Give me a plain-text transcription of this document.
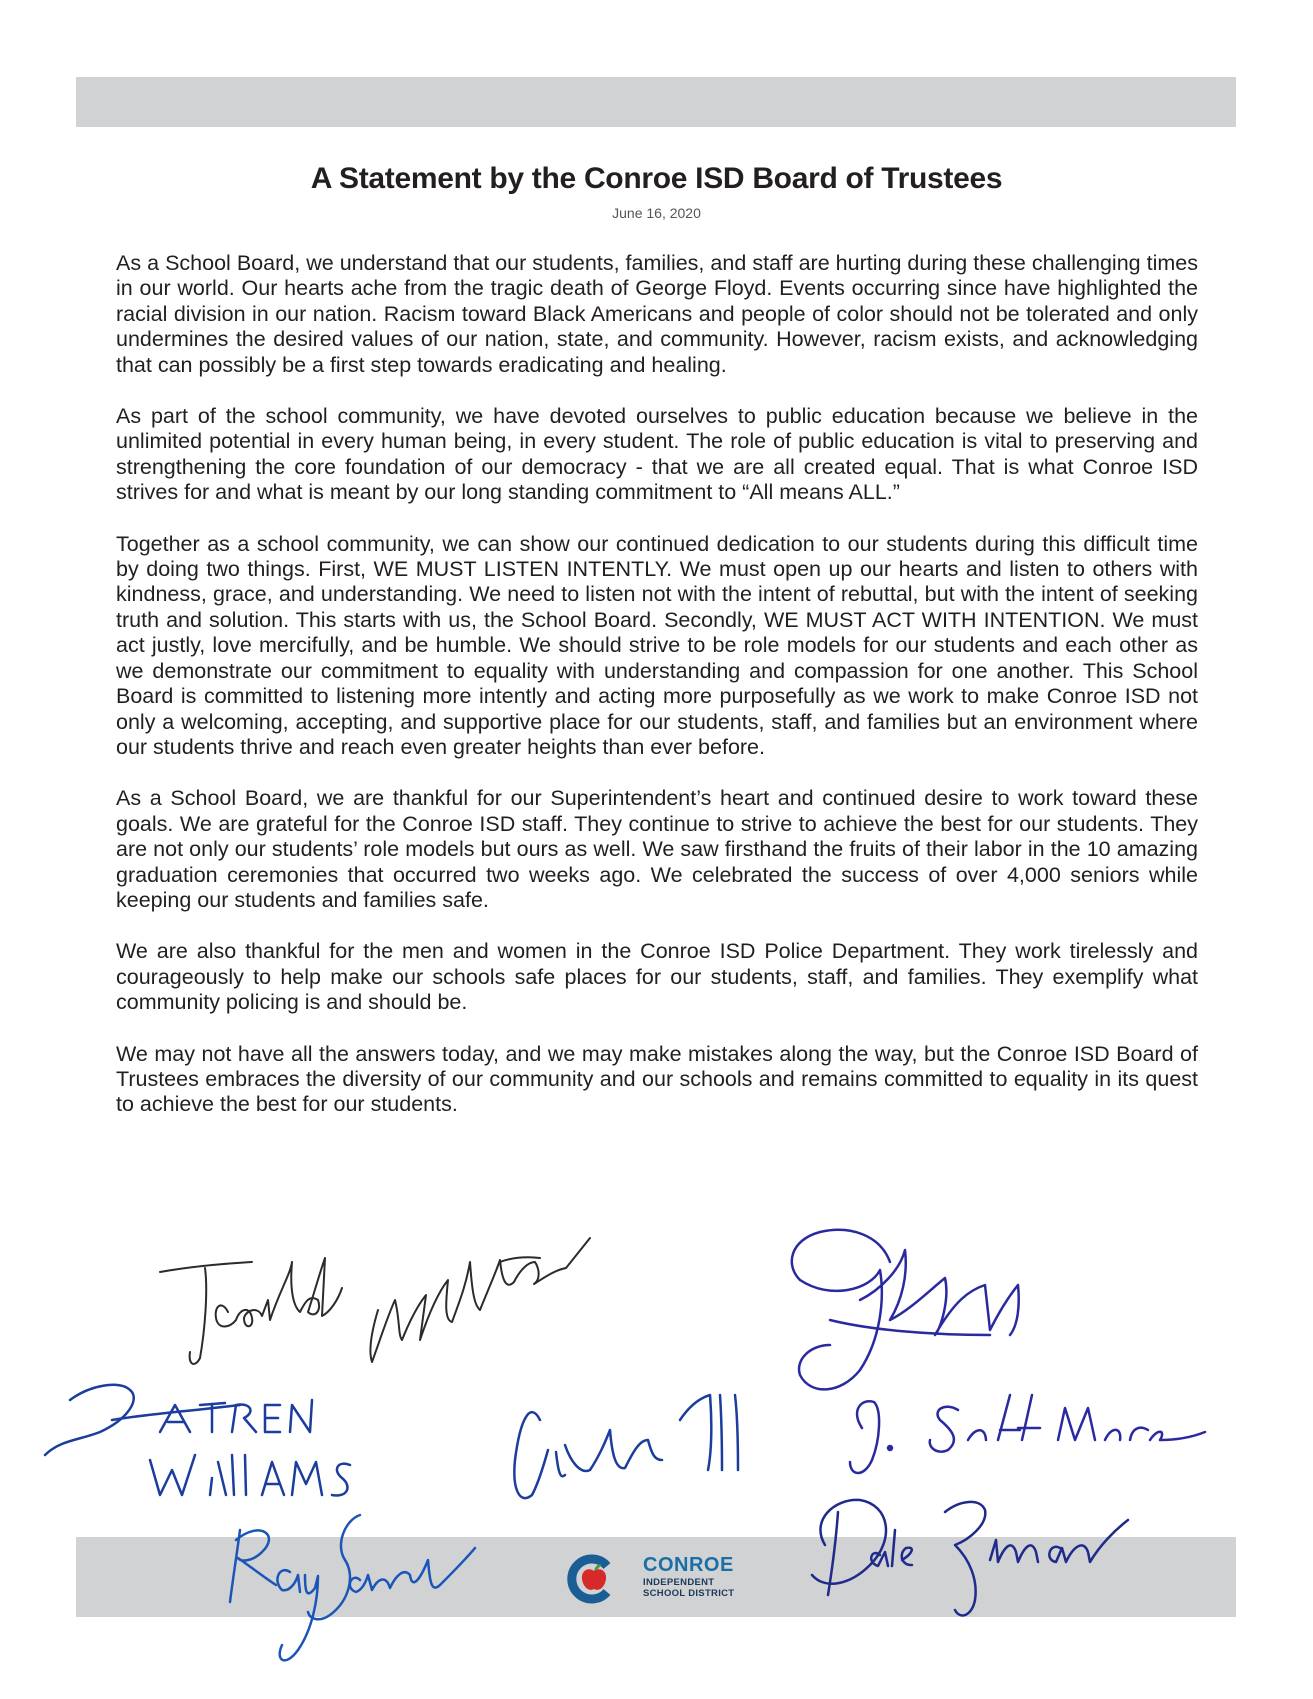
A Statement by the Conroe ISD Board of Trustees
June 16, 2020

As a School Board, we understand that our students, families, and staff are hurting during these challenging times in our world. Our hearts ache from the tragic death of George Floyd. Events occurring since have highlighted the racial division in our nation. Racism toward Black Americans and people of color should not be tolerated and only undermines the desired values of our nation, state, and community. However, racism exists, and acknowledging that can possibly be a first step towards eradicating and healing.

As part of the school community, we have devoted ourselves to public education because we believe in the unlimited potential in every human being, in every student. The role of public education is vital to preserving and strengthening the core foundation of our democracy - that we are all created equal. That is what Conroe ISD strives for and what is meant by our long standing commitment to “All means ALL.”

Together as a school community, we can show our continued dedication to our students during this difficult time by doing two things. First, WE MUST LISTEN INTENTLY. We must open up our hearts and listen to others with kindness, grace, and understanding. We need to listen not with the intent of rebuttal, but with the intent of seeking truth and solution. This starts with us, the School Board. Secondly, WE MUST ACT WITH INTENTION. We must act justly, love mercifully, and be humble. We should strive to be role models for our students and each other as we demonstrate our commitment to equality with understanding and compassion for one another. This School Board is committed to listening more intently and acting more purposefully as we work to make Conroe ISD not only a welcoming, accepting, and supportive place for our students, staff, and families but an environment where our students thrive and reach even greater heights than ever before.

As a School Board, we are thankful for our Superintendent’s heart and continued desire to work toward these goals. We are grateful for the Conroe ISD staff. They continue to strive to achieve the best for our students. They are not only our students’ role models but ours as well. We saw firsthand the fruits of their labor in the 10 amazing graduation ceremonies that occurred two weeks ago. We celebrated the success of over 4,000 seniors while keeping our students and families safe.

We are also thankful for the men and women in the Conroe ISD Police Department. They work tirelessly and courageously to help make our schools safe places for our students, staff, and families. They exemplify what community policing is and should be.

We may not have all the answers today, and we may make mistakes along the way, but the Conroe ISD Board of Trustees embraces the diversity of our community and our schools and remains committed to equality in its quest to achieve the best for our students.

CONROE
INDEPENDENT
SCHOOL DISTRICT
